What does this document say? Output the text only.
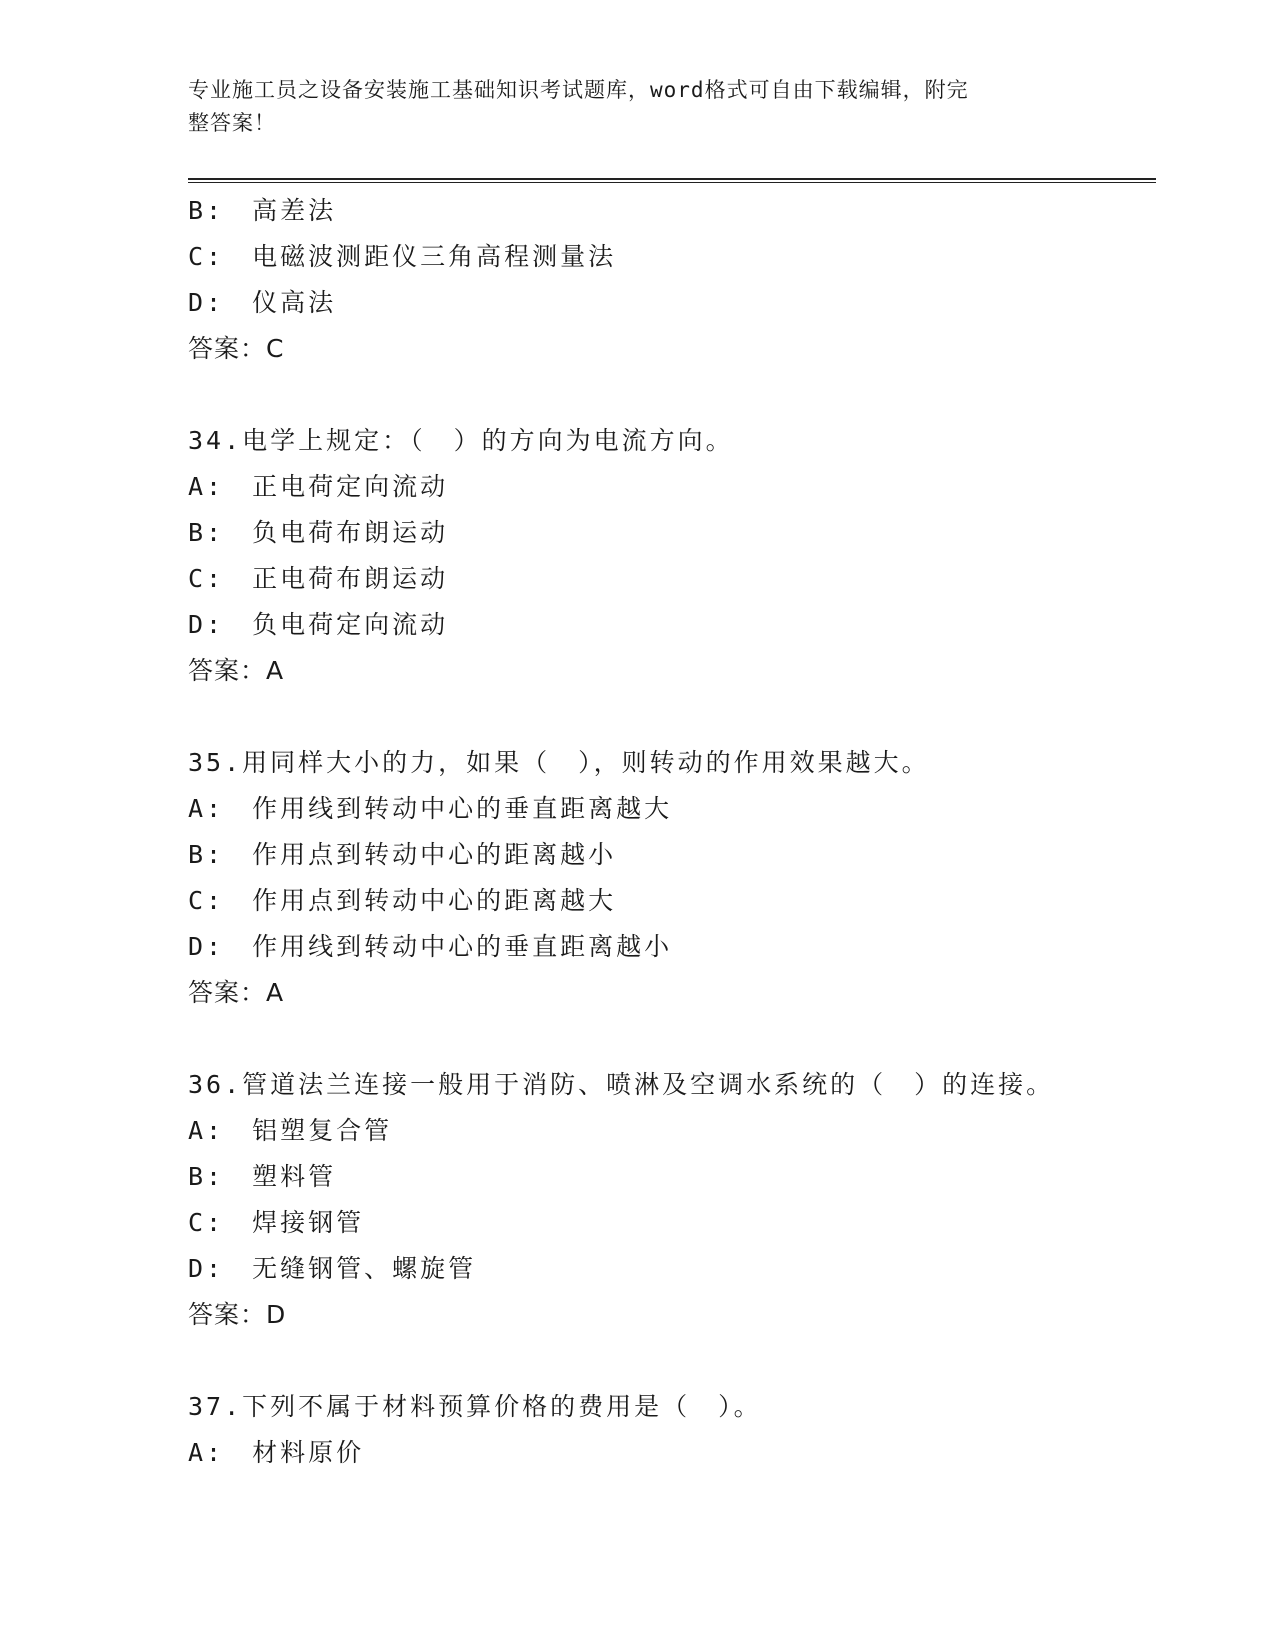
专业施工员之设备安装施工基础知识考试题库，word格式可自由下载编辑，附完
整答案！
B:　高差法
C:　电磁波测距仪三角高程测量法
D:　仪高法
答案：C
34.电学上规定：（　）的方向为电流方向。
A:　正电荷定向流动
B:　负电荷布朗运动
C:　正电荷布朗运动
D:　负电荷定向流动
答案：A
35.用同样大小的力，如果（　），则转动的作用效果越大。
A:　作用线到转动中心的垂直距离越大
B:　作用点到转动中心的距离越小
C:　作用点到转动中心的距离越大
D:　作用线到转动中心的垂直距离越小
答案：A
36.管道法兰连接一般用于消防、喷淋及空调水系统的（　）的连接。
A:　铝塑复合管
B:　塑料管
C:　焊接钢管
D:　无缝钢管、螺旋管
答案：D
37.下列不属于材料预算价格的费用是（　）。
A:　材料原价
